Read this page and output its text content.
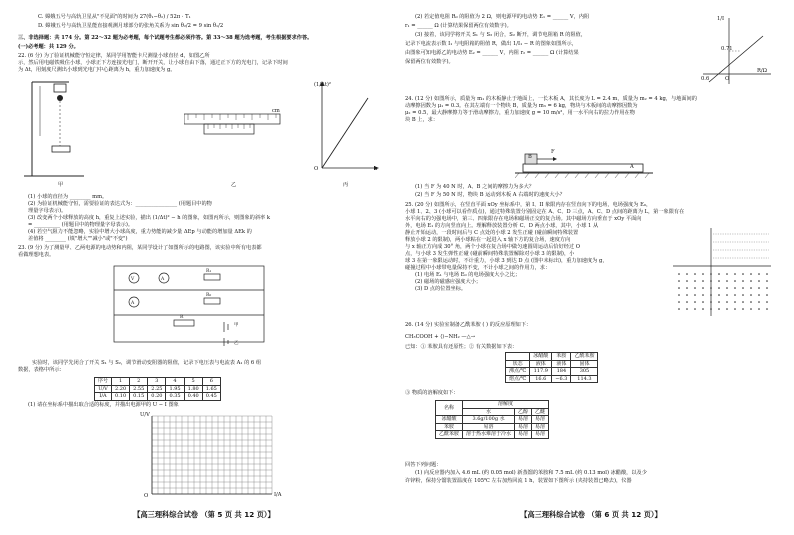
C. 嫦娥五号与高轨卫星从"不见面"的时间为 27(θ₁−θ₂) / 52π · T₁
D. 嫦娥五号与高轨卫星能直接观测月球部分的张角关系为 sin θ₂/2 = 9 sin θ₁/2
三、非选择题：共 174 分。第 22～32 题为必考题，每个试题考生都必须作答。第 33～38 题为选考题，考生根据要求作答。
(一)必考题：共 129 分。
22. (6 分) 为了验证机械能守恒定律，某同学用智能卡尺测量小球直径 d，如图乙所
示，然后用电磁铁吸住小球，小球正下方连接光电门，断开开关，让小球自由下落，通过正下方的光电门，记录下时间
为 Δt，用刻度尺测出小球到光电门中心距离为 h，重力加速度为 g。
甲
cm
乙
(1/Δt)²
O	h
丙
(1) 小球的直径为 ________ mm。
(2) 为验证机械能守恒，需要验证的表达式为：________________ (用题目中的物
理量字母表示)。
(3) 改变两个小球释放的高度 h，重复上述实验，描出 (1/Δt)² − h 的图象，如图丙所示，则图象的斜率 k
= __________ (用题目中的物理量字母表示)。
(4) 若空气阻力不能忽略，实验中增大小球高度，重力势能的减少量 ΔEp 与动能的增加量 ΔEk 的
差值将 ________ (填"增大""减小"或"不变")
23. (9 分) 为了测量甲、乙两电源的电动势和内阻，某同学设计了如图所示的电路图，该实验中所有电表都
看做理想电表。
V
A
A
R₁
R₀
R
甲
乙
实验时，该同学先闭合了开关 S₁ 与 S₂，调节滑动变阻器的阻值，记录下电压表与电流表 A₁ 的 6 组
数据，表格中所示：
序号	1	2	3	4	5	6
U/V	2.20	2.55	2.25	1.95	1.80	1.65
I/A	0.10	0.15	0.20	0.35	0.40	0.45
(1) 请在坐标系中描出取合适的标度，并描出电源甲的 U − I 图象
U/V
I/A
O
【高三理科综合试卷 （第 5 页 共 12 页）】
(2) 若定值电阻 R₀ 的阻值为 2 Ω，则电源甲的电动势 E₁ = ______ V，内阻
r₁ = ______ Ω (计算结果保留两位有效数字)。
(3) 接着，该同学将开关 S₁ 与 S₃ 闭合，S₂ 断开，调节电阻箱 R 的阻值，
记录下电流表示数 I₁ 与电阻箱的阻值 R，做出 1/I₁ − R 的图象如图所示，
由图象可知电源乙的电动势 E₂ = ______ V，内阻 r₂ = ______ Ω (计算结果
保留两位有效数字)。
1/I
0.71
0.6	O
R/Ω
24. (12 分) 如图所示，质量为 m₁ 的木板静止于地面上，一长木板 A，其长度为 L = 2.4 m，质量为 m₂ = 4 kg，与地面间的
动摩擦因数为 μ₁ = 0.3。在其左端有一个物块 B，质量为 m₃ = 6 kg，物块与木板间的动摩擦因数为
μ₂ = 0.5，最大静摩擦力等于滑动摩擦力，重力加速度 g = 10 m/s²，用一水平向右的拉力作用在物
块 B 上，求：
F
B
A
(1) 当 F 为 40 N 时，A、B 之间的摩擦力为多大？
(2) 当 F 为 50 N 时，物块 B 运动到木板 A 右端时的速度大小？
25. (20 分) 如图所示，在竖直平面 xOy 坐标系中，第 I、II 象限内存在竖直向下的电场，电场强度为 E₀，
小球 1、2、3 (小球可以看作质点)，通过特殊装置分别固定在 A、C、D 三点，A、C、D 点间的距离为 L，第一象限有在
水平向右的匀强电场中，第三、四象限存在电场和磁场正交的复合场。其中磁场方向垂直于 xOy 平面向
外，电场 E₁ 的方向竖直向上。理解释放装置分析 C、D 两点小球，其中，小球 1 从
静止开始运动，一段时间后与 C 点处的小球 2 发生正碰 (碰前瞬间特殊装置
释放小球 2 的限制)，两小球粘在一起进入 x 轴下方的复合场，速度方向
与 x 轴正方向成 30° 角，两个小球在复合场中做匀速圆周运动后恰好经过 O
点，与小球 3 发生弹性正碰 (碰前瞬间特殊装置解除对小球 3 的限制)，小
球 3 在第一象限运动时，不计重力，小球 3 到达 D 点 (图中未标出)，重力加速度为 g，
碰撞过程中小球带电量保持不变，不计小球之间的作用力，求：
(1) 电场 E₁ 与电场 E₀ 的电场强度大小之比；
(2) 磁场的磁感应强度大小；
(3) D 点的位置坐标。
26. (14 分) 实验室制备乙酰苯胺 ( ) 的反应原理如下：
CH₃COOH + ⟨⟩−NH₂ —△→
已知：① 苯胺具有还原性；② 有关数据如下表：
	冰醋酸	苯胺	乙酰苯胺
状态	液体	液体	固体
沸点/℃	117.9	184	305
熔点/℃	16.6	−6.3	114.3
③ 物质的溶解度如下：
名称	溶解度		
	水	乙醇	乙醚
冰醋酸	3.6g/100g 水	易溶	易溶
苯胺	易溶	易溶	易溶
乙酰苯胺	溶于热水难溶于冷水	易溶	易溶
回答下列问题：
(1) 向反应器内加入 4.6 mL (约 0.05 mol) 新蒸馏的苯胺和 7.5 mL (约 0.13 mol) 冰醋酸，以及少
许锌粉，保持分馏装置温度在 105℃ 左右加热回流 1 h，装置如下图所示 (夹持装置已略去)，仪器
【高三理科综合试卷 （第 6 页 共 12 页）】
